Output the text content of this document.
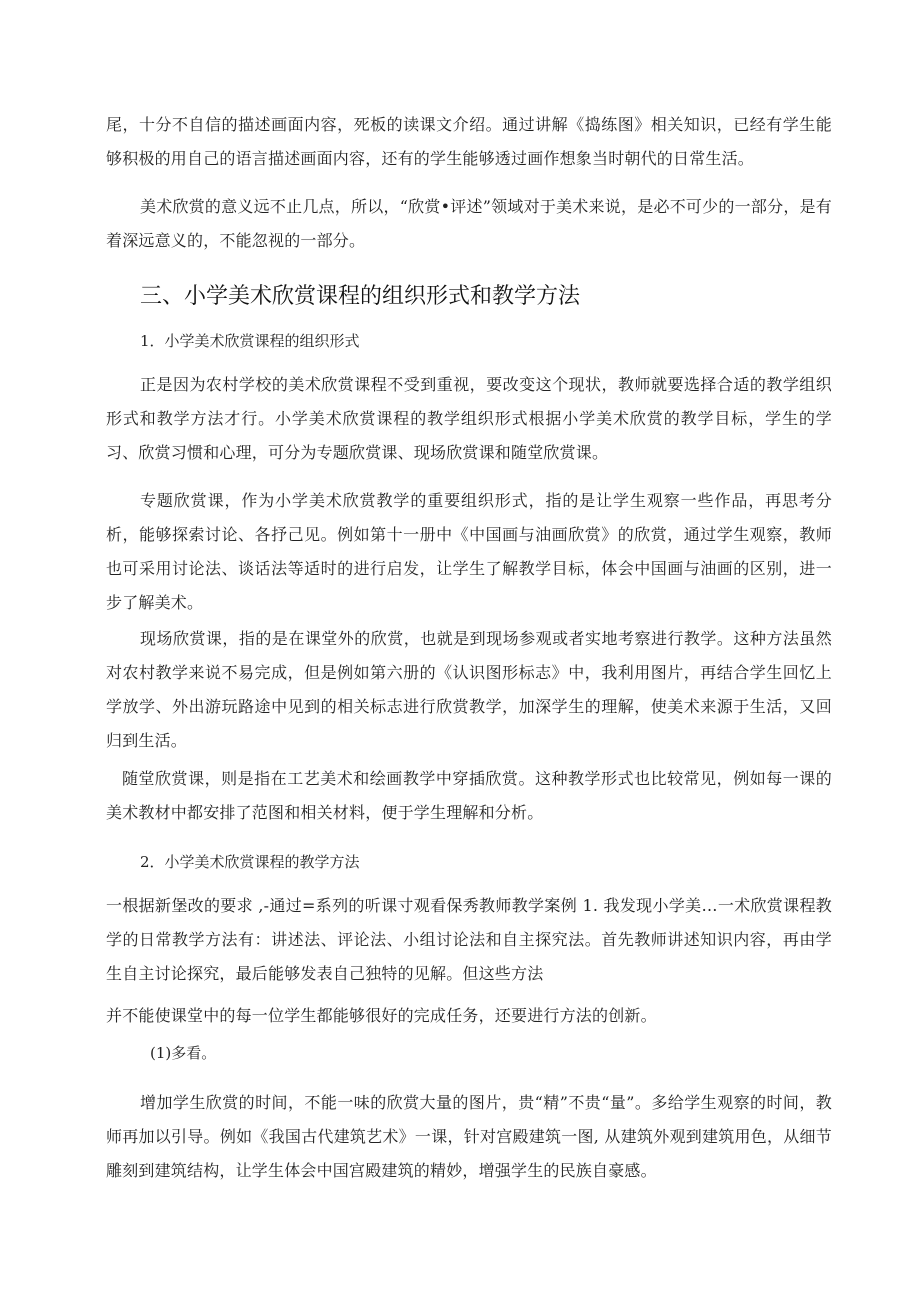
尾，十分不自信的描述画面内容，死板的读课文介绍。通过讲解《捣练图》相关知识，已经有学生能够积极的用自己的语言描述画面内容，还有的学生能够透过画作想象当时朝代的日常生活。

美术欣赏的意义远不止几点，所以，“欣赏•评述”领域对于美术来说，是必不可少的一部分，是有着深远意义的，不能忽视的一部分。

三、小学美术欣赏课程的组织形式和教学方法

1．小学美术欣赏课程的组织形式

正是因为农村学校的美术欣赏课程不受到重视，要改变这个现状，教师就要选择合适的教学组织形式和教学方法才行。小学美术欣赏课程的教学组织形式根据小学美术欣赏的教学目标，学生的学习、欣赏习惯和心理，可分为专题欣赏课、现场欣赏课和随堂欣赏课。

专题欣赏课，作为小学美术欣赏教学的重要组织形式，指的是让学生观察一些作品，再思考分析，能够探索讨论、各抒己见。例如第十一册中《中国画与油画欣赏》的欣赏，通过学生观察，教师也可采用讨论法、谈话法等适时的进行启发，让学生了解教学目标，体会中国画与油画的区别，进一步了解美术。

现场欣赏课，指的是在课堂外的欣赏，也就是到现场参观或者实地考察进行教学。这种方法虽然对农村教学来说不易完成，但是例如第六册的《认识图形标志》中，我利用图片，再结合学生回忆上学放学、外出游玩路途中见到的相关标志进行欣赏教学，加深学生的理解，使美术来源于生活，又回归到生活。

随堂欣赏课，则是指在工艺美术和绘画教学中穿插欣赏。这种教学形式也比较常见，例如每一课的美术教材中都安排了范图和相关材料，便于学生理解和分析。

2．小学美术欣赏课程的教学方法

一根据新堡改的要求 ,-通过=系列的听课寸观看保秀教师教学案例 1. 我发现小学美…一术欣赏课程教学的日常教学方法有：讲述法、评论法、小组讨论法和自主探究法。首先教师讲述知识内容，再由学生自主讨论探究，最后能够发表自己独特的见解。但这些方法

并不能使课堂中的每一位学生都能够很好的完成任务，还要进行方法的创新。

(1)多看。

增加学生欣赏的时间，不能一味的欣赏大量的图片，贵“精”不贵“量”。多给学生观察的时间，教师再加以引导。例如《我国古代建筑艺术》一课，针对宫殿建筑一图, 从建筑外观到建筑用色，从细节雕刻到建筑结构，让学生体会中国宫殿建筑的精妙，增强学生的民族自豪感。
